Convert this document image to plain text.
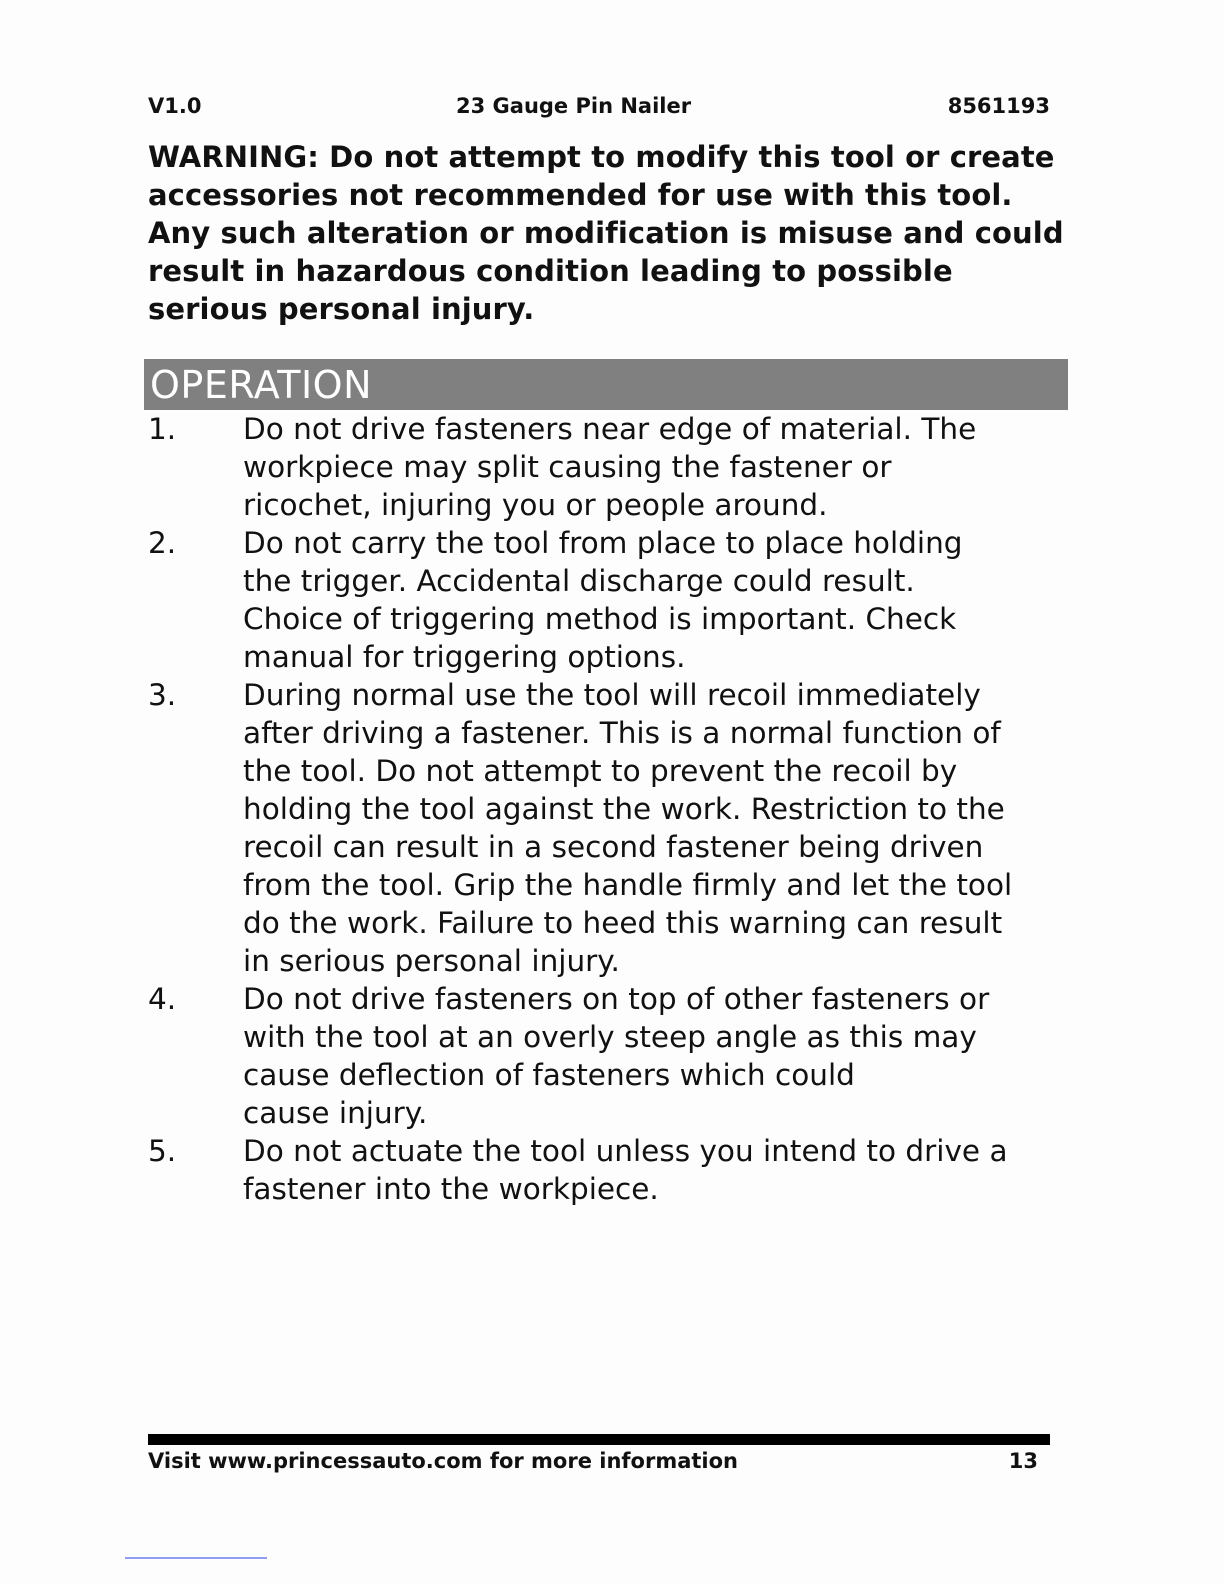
V1.0	23 Gauge Pin Nailer	8561193
WARNING: Do not attempt to modify this tool or create accessories not recommended for use with this tool. Any such alteration or modification is misuse and could result in hazardous condition leading to possible serious personal injury.
OPERATION
1. Do not drive fasteners near edge of material. The
workpiece may split causing the fastener or
ricochet, injuring you or people around.
2. Do not carry the tool from place to place holding
the trigger. Accidental discharge could result.
Choice of triggering method is important. Check
manual for triggering options.
3. During normal use the tool will recoil immediately
after driving a fastener. This is a normal function of
the tool. Do not attempt to prevent the recoil by
holding the tool against the work. Restriction to the
recoil can result in a second fastener being driven
from the tool. Grip the handle firmly and let the tool
do the work. Failure to heed this warning can result
in serious personal injury.
4. Do not drive fasteners on top of other fasteners or
with the tool at an overly steep angle as this may
cause deflection of fasteners which could
cause injury.
5. Do not actuate the tool unless you intend to drive a
fastener into the workpiece.
Visit www.princessauto.com for more information	13
